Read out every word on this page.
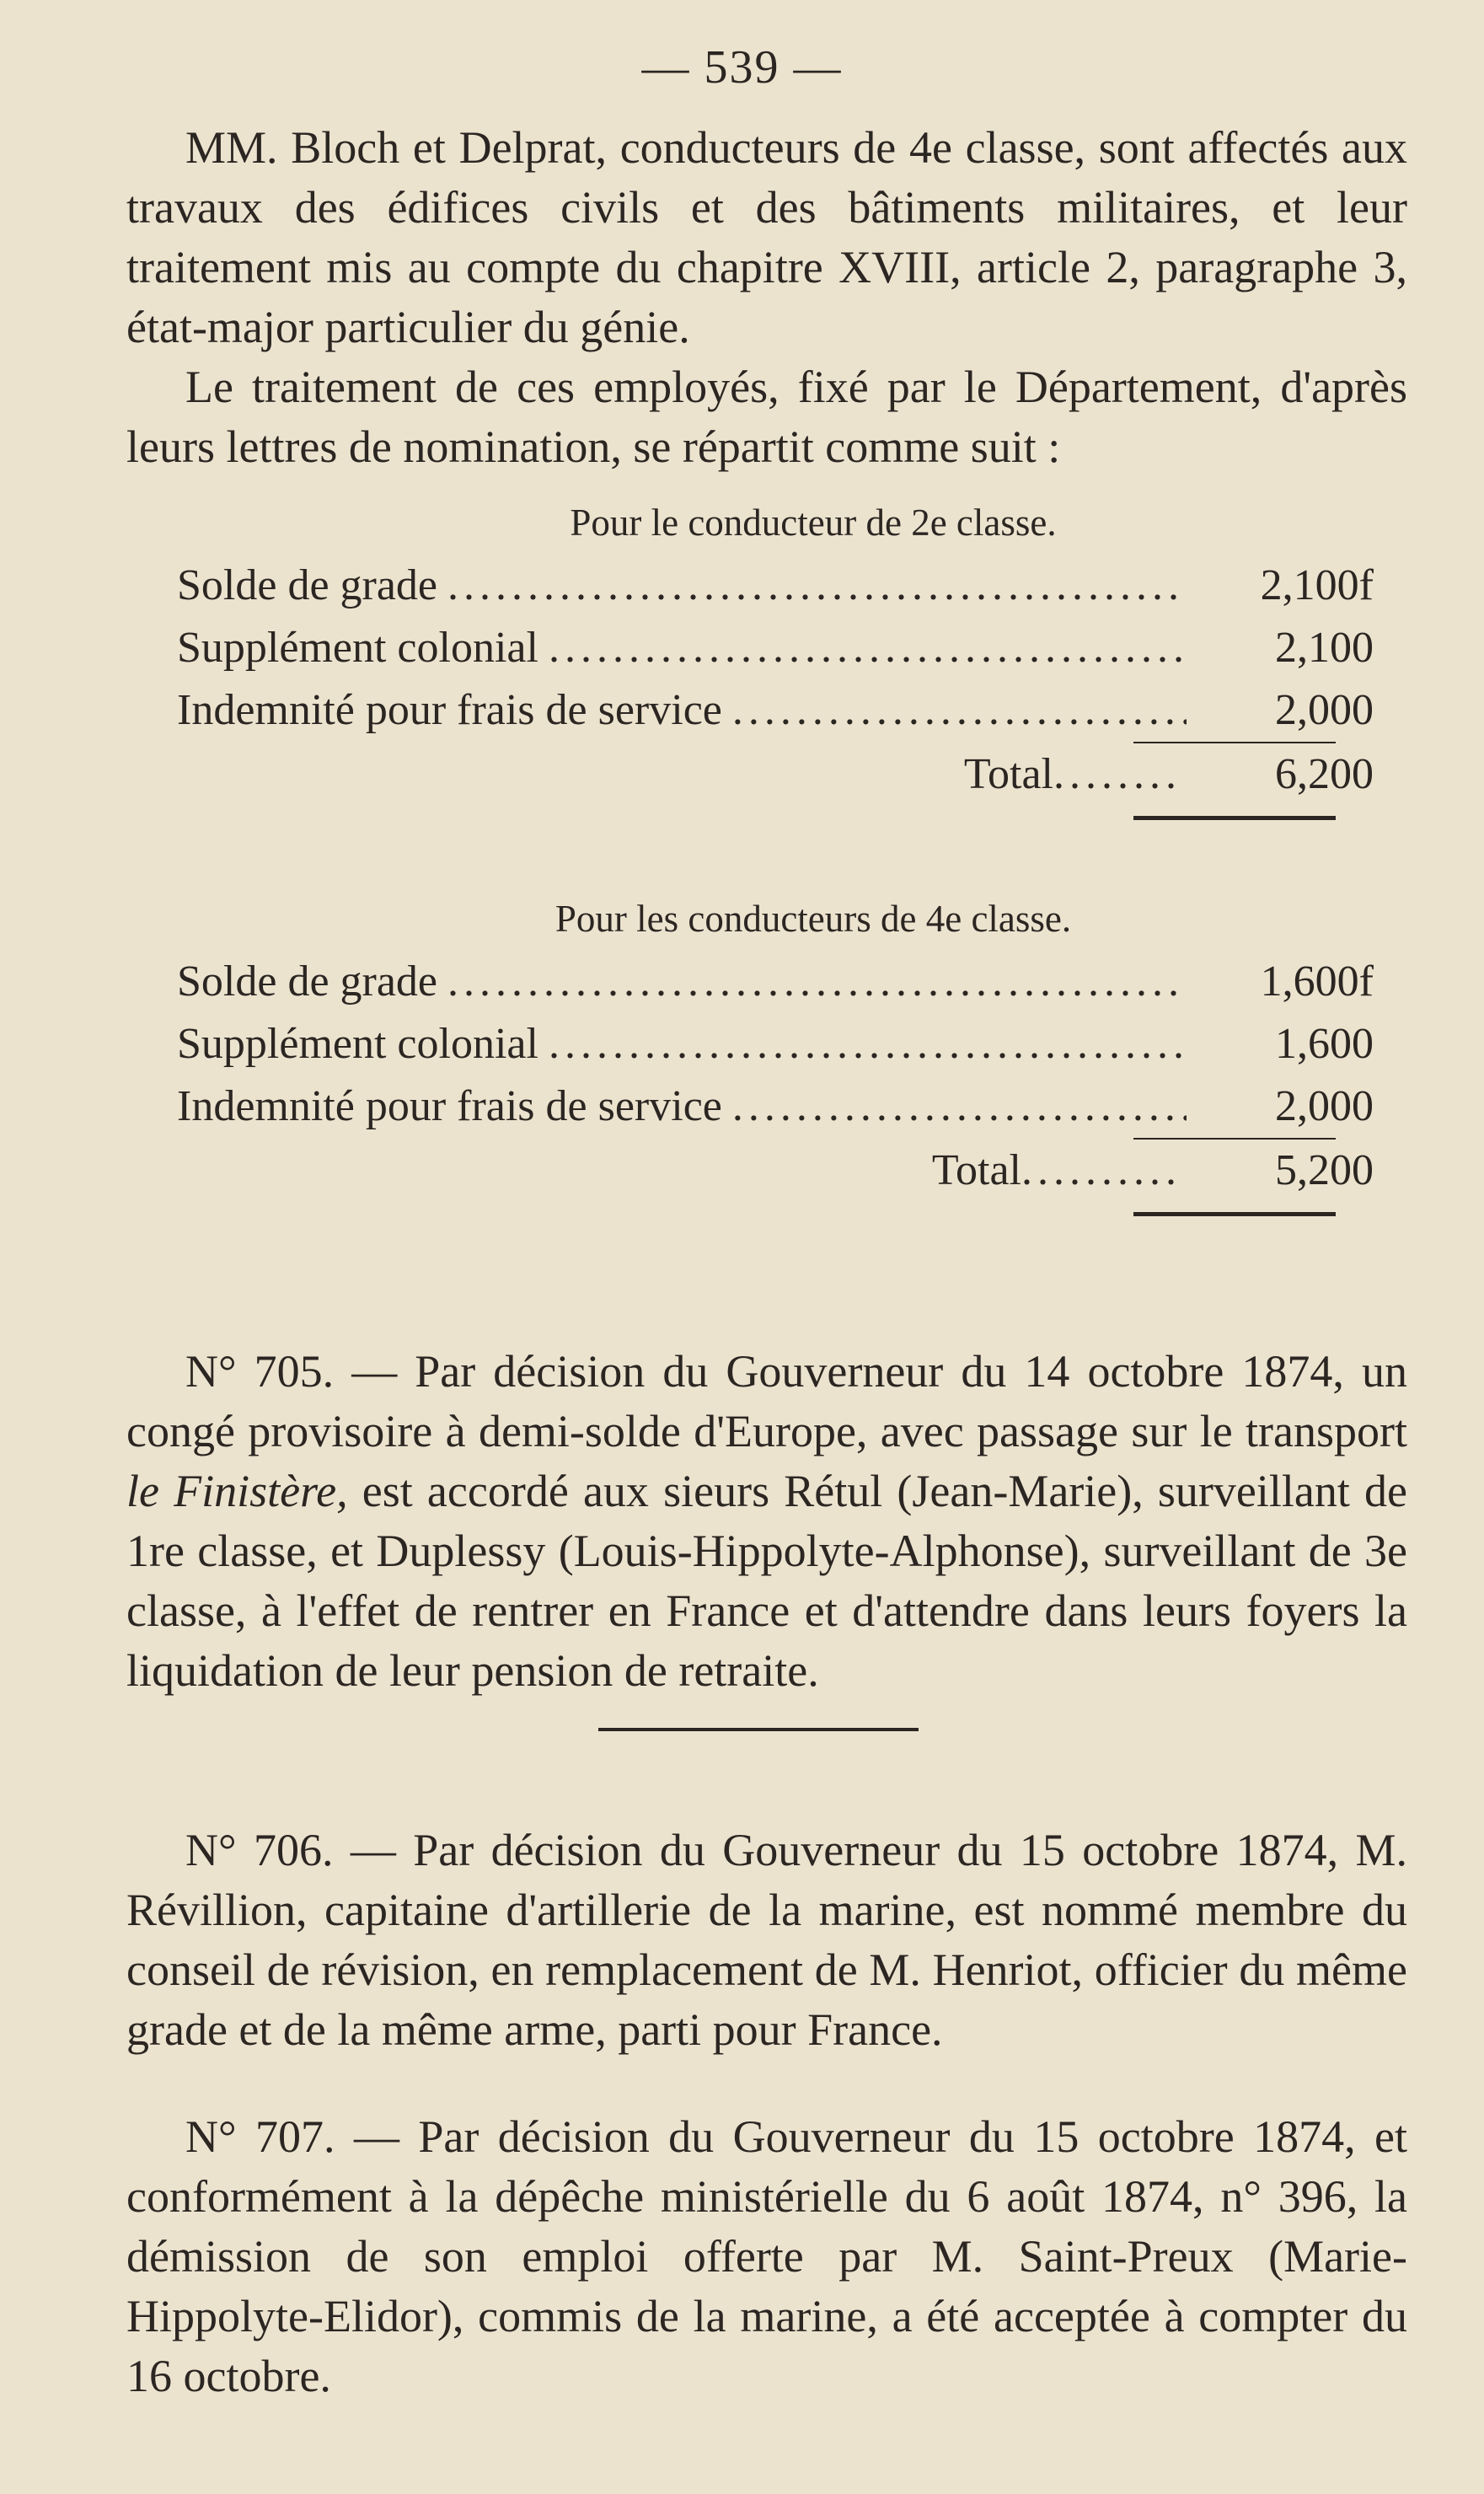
— 539 —

MM. Bloch et Delprat, conducteurs de 4e classe, sont affectés aux travaux des édifices civils et des bâtiments militaires, et leur traitement mis au compte du chapitre XVIII, article 2, paragraphe 3, état-major particulier du génie.

Le traitement de ces employés, fixé par le Département, d'après leurs lettres de nomination, se répartit comme suit :

Pour le conducteur de 2e classe.

Solde de grade .....	2,100f
Supplément colonial .....	2,100
Indemnité pour frais de service .....	2,000
Total ........	6,200

Pour les conducteurs de 4e classe.

Solde de grade .....	1,600f
Supplément colonial .....	1,600
Indemnité pour frais de service .....	2,000
Total ..........	5,200

N° 705. — Par décision du Gouverneur du 14 octobre 1874, un congé provisoire à demi-solde d'Europe, avec passage sur le transport le Finistère, est accordé aux sieurs Rétul (Jean-Marie), surveillant de 1re classe, et Duplessy (Louis-Hippolyte-Alphonse), surveillant de 3e classe, à l'effet de rentrer en France et d'attendre dans leurs foyers la liquidation de leur pension de retraite.

N° 706. — Par décision du Gouverneur du 15 octobre 1874, M. Révillion, capitaine d'artillerie de la marine, est nommé membre du conseil de révision, en remplacement de M. Henriot, officier du même grade et de la même arme, parti pour France.

N° 707. — Par décision du Gouverneur du 15 octobre 1874, et conformément à la dépêche ministérielle du 6 août 1874, n° 396, la démission de son emploi offerte par M. Saint-Preux (Marie-Hippolyte-Elidor), commis de la marine, a été acceptée à compter du 16 octobre.
